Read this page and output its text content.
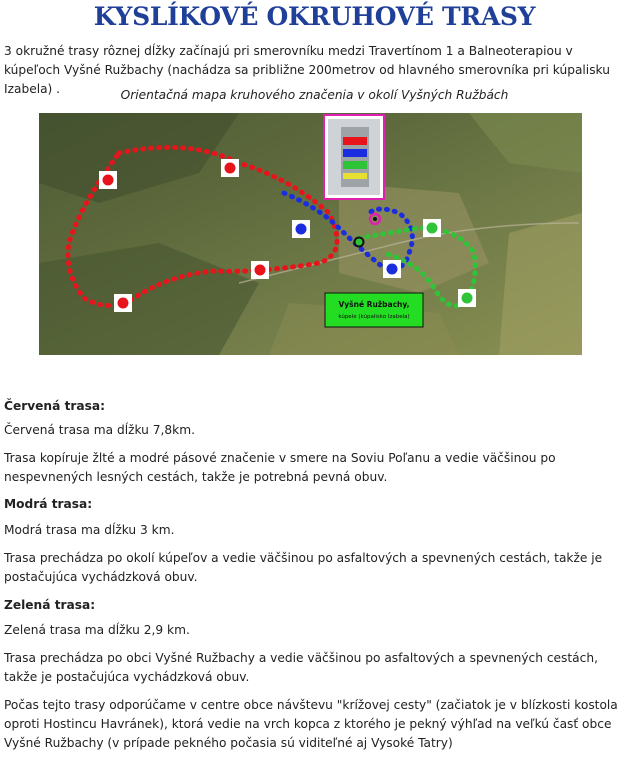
KYSLÍKOVÉ OKRUHOVÉ TRASY
3 okružné trasy rôznej dĺžky začínajú pri smerovníku medzi Travertínom 1 a Balneoterapiou v kúpeľoch Vyšné Ružbachy (nachádza sa približne 200metrov od hlavného smerovníka pri kúpalisku Izabela) .	Orientačná mapa kruhového značenia v okolí Vyšných Ružbách
Vyšné Ružbachy,
kúpele (kúpalisko Izabela)
Červená trasa:
Červená trasa ma dĺžku 7,8km.
Trasa kopíruje žlté a modré pásové značenie v smere na Soviu Poľanu a vedie väčšinou po nespevnených lesných cestách, takže je potrebná pevná obuv.
Modrá trasa:
Modrá trasa ma dĺžku 3 km.
Trasa prechádza po okolí kúpeľov a vedie väčšinou po asfaltových a spevnených cestách, takže je postačujúca vychádzková obuv.
Zelená trasa:
Zelená trasa ma dĺžku 2,9 km.
Trasa prechádza po obci Vyšné Ružbachy a vedie väčšinou po asfaltových a spevnených cestách, takže je postačujúca vychádzková obuv.
Počas tejto trasy odporúčame v centre obce návštevu "krížovej cesty" (začiatok je v blízkosti kostola oproti Hostincu Havránek), ktorá vedie na vrch kopca z ktorého je pekný výhľad na veľkú časť obce Vyšné Ružbachy (v prípade pekného počasia sú viditeľné aj Vysoké Tatry)
